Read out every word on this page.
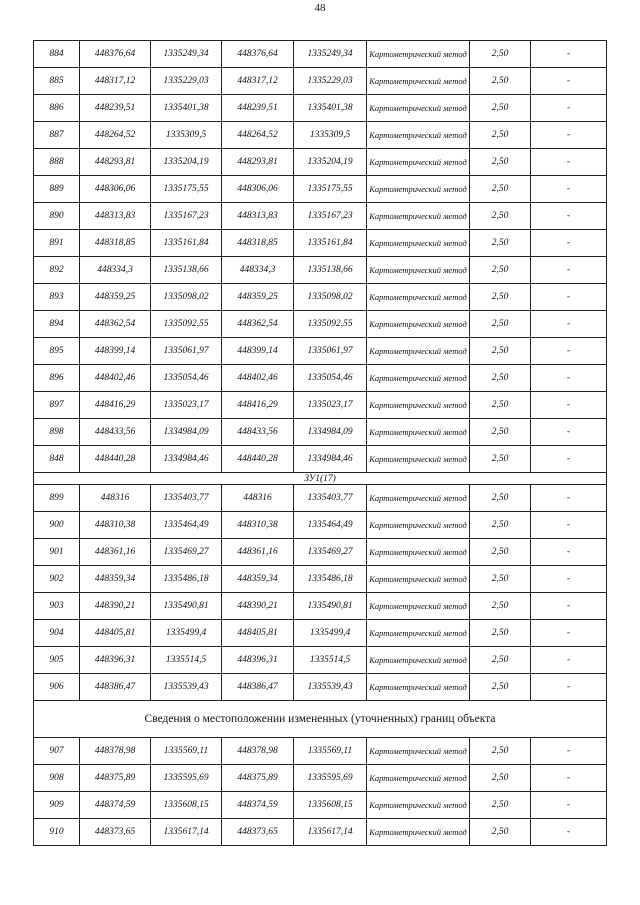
48
884	448376,64	1335249,34	448376,64	1335249,34	Картометрический метод	2,50	-
885	448317,12	1335229,03	448317,12	1335229,03	Картометрический метод	2,50	-
886	448239,51	1335401,38	448239,51	1335401,38	Картометрический метод	2,50	-
887	448264,52	1335309,5	448264,52	1335309,5	Картометрический метод	2,50	-
888	448293,81	1335204,19	448293,81	1335204,19	Картометрический метод	2,50	-
889	448306,06	1335175,55	448306,06	1335175,55	Картометрический метод	2,50	-
890	448313,83	1335167,23	448313,83	1335167,23	Картометрический метод	2,50	-
891	448318,85	1335161,84	448318,85	1335161,84	Картометрический метод	2,50	-
892	448334,3	1335138,66	448334,3	1335138,66	Картометрический метод	2,50	-
893	448359,25	1335098,02	448359,25	1335098,02	Картометрический метод	2,50	-
894	448362,54	1335092,55	448362,54	1335092,55	Картометрический метод	2,50	-
895	448399,14	1335061,97	448399,14	1335061,97	Картометрический метод	2,50	-
896	448402,46	1335054,46	448402,46	1335054,46	Картометрический метод	2,50	-
897	448416,29	1335023,17	448416,29	1335023,17	Картометрический метод	2,50	-
898	448433,56	1334984,09	448433,56	1334984,09	Картометрический метод	2,50	-
848	448440,28	1334984,46	448440,28	1334984,46	Картометрический метод	2,50	-
ЗУ1(17)							
899	448316	1335403,77	448316	1335403,77	Картометрический метод	2,50	-
900	448310,38	1335464,49	448310,38	1335464,49	Картометрический метод	2,50	-
901	448361,16	1335469,27	448361,16	1335469,27	Картометрический метод	2,50	-
902	448359,34	1335486,18	448359,34	1335486,18	Картометрический метод	2,50	-
903	448390,21	1335490,81	448390,21	1335490,81	Картометрический метод	2,50	-
904	448405,81	1335499,4	448405,81	1335499,4	Картометрический метод	2,50	-
905	448396,31	1335514,5	448396,31	1335514,5	Картометрический метод	2,50	-
906	448386,47	1335539,43	448386,47	1335539,43	Картометрический метод	2,50	-
Сведения о местоположении измененных (уточненных) границ объекта							
907	448378,98	1335569,11	448378,98	1335569,11	Картометрический метод	2,50	-
908	448375,89	1335595,69	448375,89	1335595,69	Картометрический метод	2,50	-
909	448374,59	1335608,15	448374,59	1335608,15	Картометрический метод	2,50	-
910	448373,65	1335617,14	448373,65	1335617,14	Картометрический метод	2,50	-
